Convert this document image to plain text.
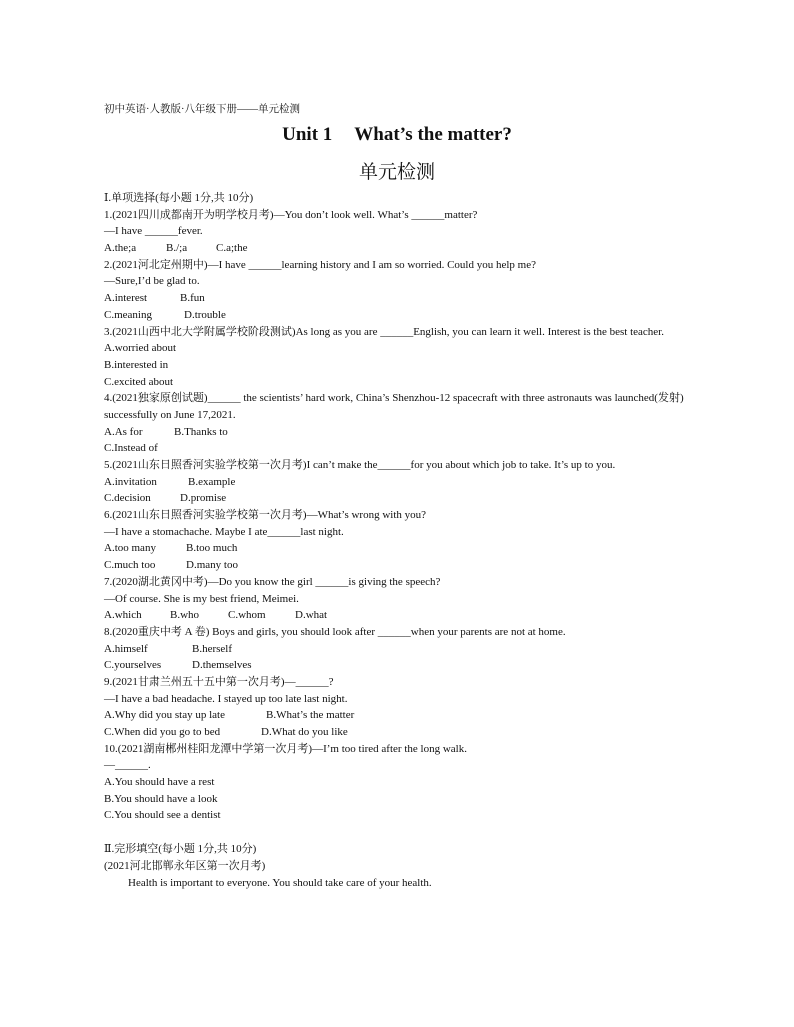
初中英语·人教版·八年级下册——单元检测
Unit 1 What’s the matter?
单元检测
Ⅰ.单项选择(每小题 1分,共 10分)
1.(2021四川成都南开为明学校月考)—You don’t look well. What’s ______matter?
—I have ______fever.
A.the;a	B./;a	C.a;the
2.(2021河北定州期中)—I have ______learning history and I am so worried. Could you help me?
—Sure,I’d be glad to.
A.interest	B.fun
C.meaning	D.trouble
3.(2021山西中北大学附属学校阶段测试)As long as you are ______English, you can learn it well. Interest is the best teacher.
A.worried about
B.interested in
C.excited about
4.(2021独家原创试题)______ the scientists’ hard work, China’s Shenzhou-12 spacecraft with three astronauts was launched(发射) successfully on June 17,2021.
A.As for	B.Thanks to
C.Instead of
5.(2021山东日照香河实验学校第一次月考)I can’t make the______for you about which job to take. It’s up to you.
A.invitation	B.example
C.decision	D.promise
6.(2021山东日照香河实验学校第一次月考)—What’s wrong with you?
—I have a stomachache. Maybe I ate______last night.
A.too many	B.too much
C.much too	D.many too
7.(2020湖北黄冈中考)—Do you know the girl ______is giving the speech?
—Of course. She is my best friend, Meimei.
A.which	B.who	C.whom	D.what
8.(2020重庆中考 A 卷) Boys and girls, you should look after ______when your parents are not at home.
A.himself	B.herself
C.yourselves	D.themselves
9.(2021甘肃兰州五十五中第一次月考)—______?
—I have a bad headache. I stayed up too late last night.
A.Why did you stay up late	B.What’s the matter
C.When did you go to bed	D.What do you like
10.(2021湖南郴州桂阳龙潭中学第一次月考)—I’m too tired after the long walk.
—______.
A.You should have a rest
B.You should have a look
C.You should see a dentist
Ⅱ.完形填空(每小题 1分,共 10分)
(2021河北邯郸永年区第一次月考)
Health is important to everyone. You should take care of your health.
